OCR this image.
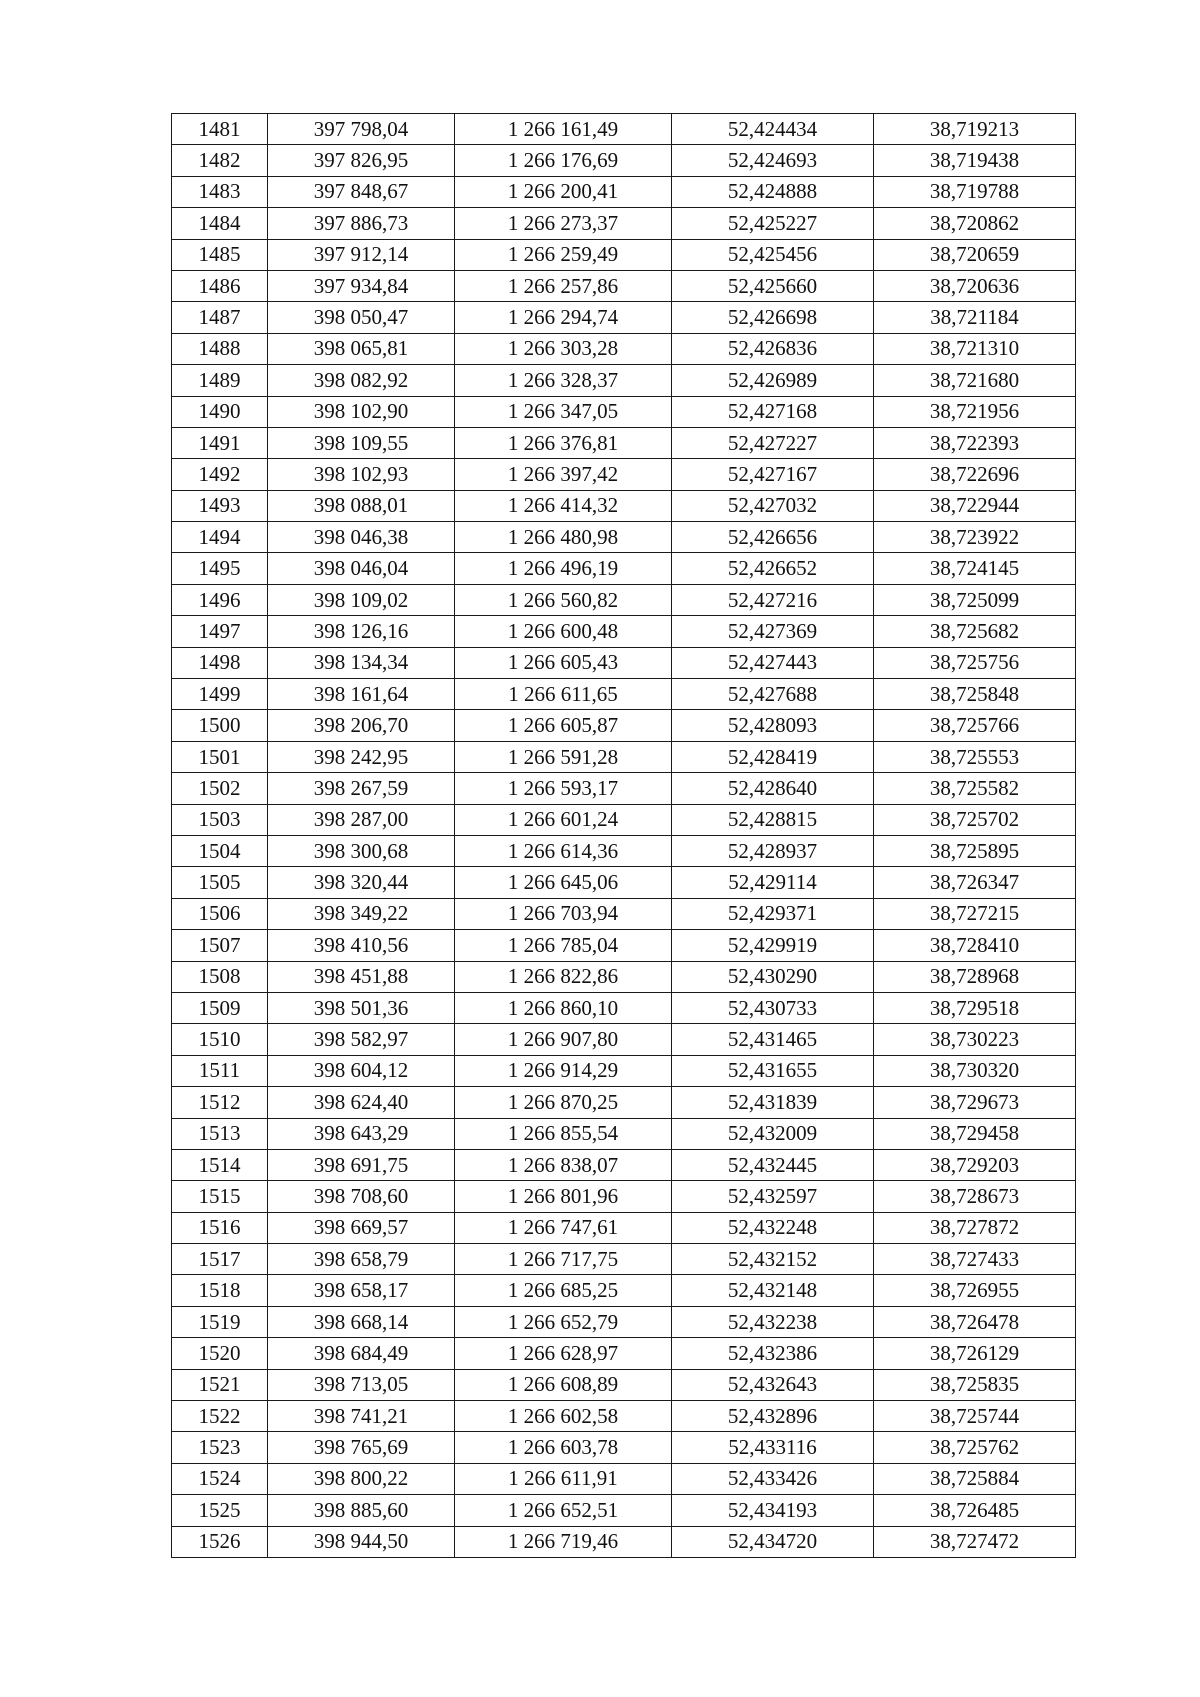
1481	397 798,04	1 266 161,49	52,424434	38,719213
1482	397 826,95	1 266 176,69	52,424693	38,719438
1483	397 848,67	1 266 200,41	52,424888	38,719788
1484	397 886,73	1 266 273,37	52,425227	38,720862
1485	397 912,14	1 266 259,49	52,425456	38,720659
1486	397 934,84	1 266 257,86	52,425660	38,720636
1487	398 050,47	1 266 294,74	52,426698	38,721184
1488	398 065,81	1 266 303,28	52,426836	38,721310
1489	398 082,92	1 266 328,37	52,426989	38,721680
1490	398 102,90	1 266 347,05	52,427168	38,721956
1491	398 109,55	1 266 376,81	52,427227	38,722393
1492	398 102,93	1 266 397,42	52,427167	38,722696
1493	398 088,01	1 266 414,32	52,427032	38,722944
1494	398 046,38	1 266 480,98	52,426656	38,723922
1495	398 046,04	1 266 496,19	52,426652	38,724145
1496	398 109,02	1 266 560,82	52,427216	38,725099
1497	398 126,16	1 266 600,48	52,427369	38,725682
1498	398 134,34	1 266 605,43	52,427443	38,725756
1499	398 161,64	1 266 611,65	52,427688	38,725848
1500	398 206,70	1 266 605,87	52,428093	38,725766
1501	398 242,95	1 266 591,28	52,428419	38,725553
1502	398 267,59	1 266 593,17	52,428640	38,725582
1503	398 287,00	1 266 601,24	52,428815	38,725702
1504	398 300,68	1 266 614,36	52,428937	38,725895
1505	398 320,44	1 266 645,06	52,429114	38,726347
1506	398 349,22	1 266 703,94	52,429371	38,727215
1507	398 410,56	1 266 785,04	52,429919	38,728410
1508	398 451,88	1 266 822,86	52,430290	38,728968
1509	398 501,36	1 266 860,10	52,430733	38,729518
1510	398 582,97	1 266 907,80	52,431465	38,730223
1511	398 604,12	1 266 914,29	52,431655	38,730320
1512	398 624,40	1 266 870,25	52,431839	38,729673
1513	398 643,29	1 266 855,54	52,432009	38,729458
1514	398 691,75	1 266 838,07	52,432445	38,729203
1515	398 708,60	1 266 801,96	52,432597	38,728673
1516	398 669,57	1 266 747,61	52,432248	38,727872
1517	398 658,79	1 266 717,75	52,432152	38,727433
1518	398 658,17	1 266 685,25	52,432148	38,726955
1519	398 668,14	1 266 652,79	52,432238	38,726478
1520	398 684,49	1 266 628,97	52,432386	38,726129
1521	398 713,05	1 266 608,89	52,432643	38,725835
1522	398 741,21	1 266 602,58	52,432896	38,725744
1523	398 765,69	1 266 603,78	52,433116	38,725762
1524	398 800,22	1 266 611,91	52,433426	38,725884
1525	398 885,60	1 266 652,51	52,434193	38,726485
1526	398 944,50	1 266 719,46	52,434720	38,727472
